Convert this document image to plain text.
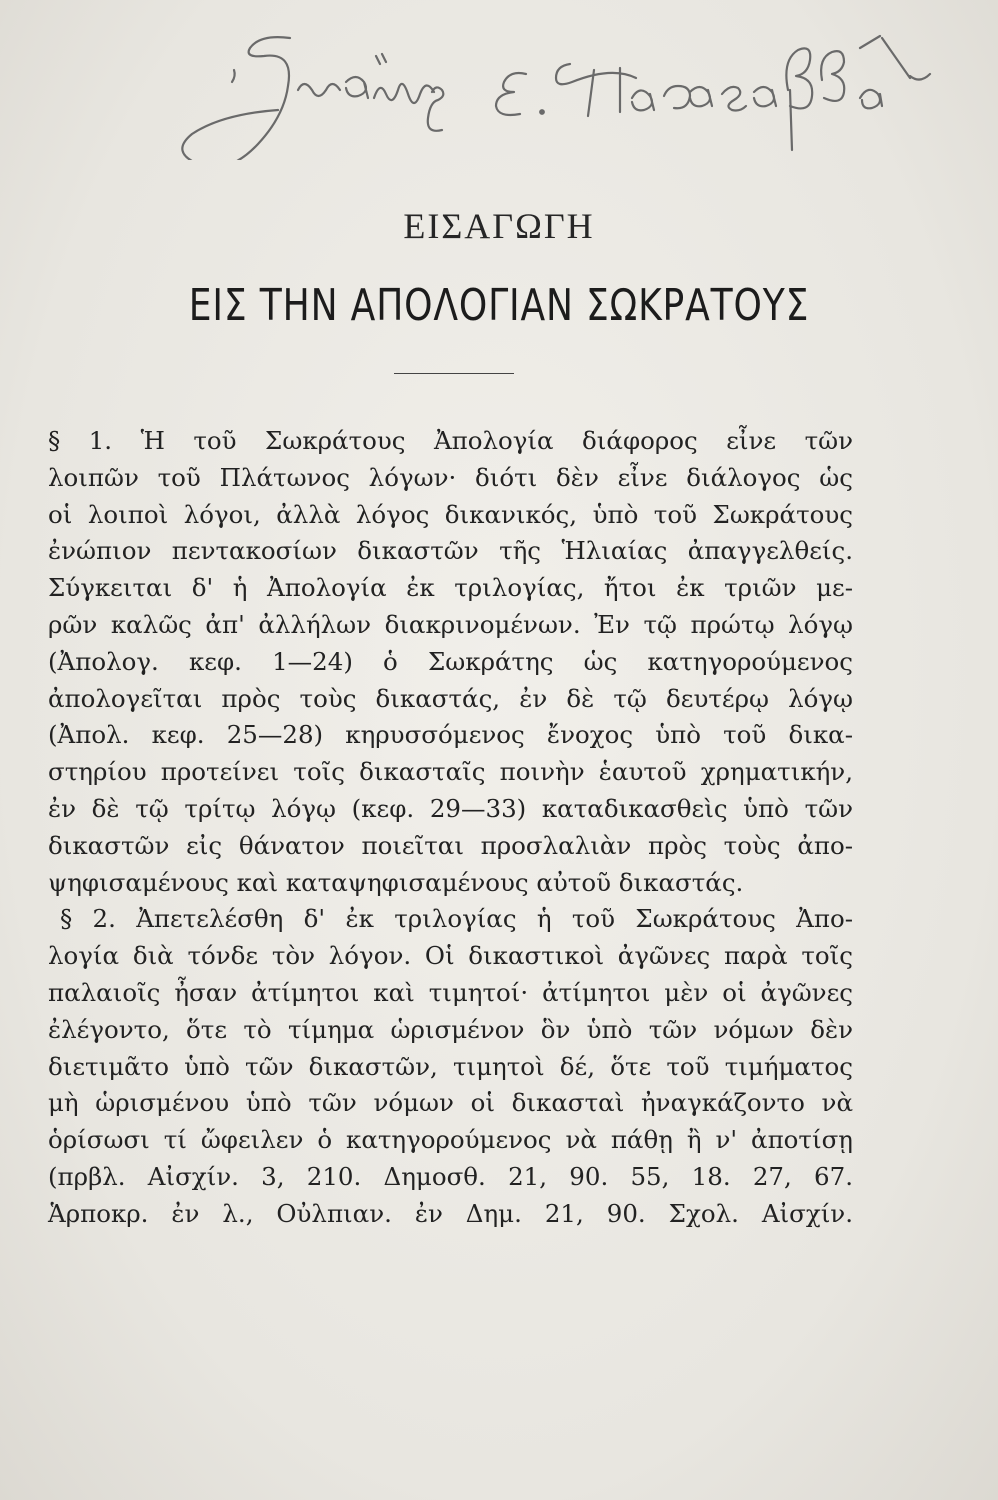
ΕΙΣΑΓΩΓΗ
ΕΙΣ ΤΗΝ ΑΠΟΛΟΓΙΑΝ ΣΩΚΡΑΤΟΥΣ
§ 1. Ἡ τοῦ Σωκράτους Ἀπολογία διάφορος εἶνε τῶν
λοιπῶν τοῦ Πλάτωνος λόγων· διότι δὲν εἶνε διάλογος ὡς
οἱ λοιποὶ λόγοι, ἀλλὰ λόγος δικανικός, ὑπὸ τοῦ Σωκράτους
ἐνώπιον πεντακοσίων δικαστῶν τῆς Ἡλιαίας ἀπαγγελθείς.
Σύγκειται δ' ἡ Ἀπολογία ἐκ τριλογίας, ἤτοι ἐκ τριῶν με-
ρῶν καλῶς ἀπ' ἀλλήλων διακρινομένων. Ἐν τῷ πρώτῳ λόγῳ
(Ἀπολογ. κεφ. 1—24) ὁ Σωκράτης ὡς κατηγορούμενος
ἀπολογεῖται πρὸς τοὺς δικαστάς, ἐν δὲ τῷ δευτέρῳ λόγῳ
(Ἀπολ. κεφ. 25—28) κηρυσσόμενος ἔνοχος ὑπὸ τοῦ δικα-
στηρίου προτείνει τοῖς δικασταῖς ποινὴν ἑαυτοῦ χρηματικήν,
ἐν δὲ τῷ τρίτῳ λόγῳ (κεφ. 29—33) καταδικασθεὶς ὑπὸ τῶν
δικαστῶν εἰς θάνατον ποιεῖται προσλαλιὰν πρὸς τοὺς ἀπο-
ψηφισαμένους καὶ καταψηφισαμένους αὐτοῦ δικαστάς.
§ 2. Ἀπετελέσθη δ' ἐκ τριλογίας ἡ τοῦ Σωκράτους Ἀπο-
λογία διὰ τόνδε τὸν λόγον. Οἱ δικαστικοὶ ἀγῶνες παρὰ τοῖς
παλαιοῖς ἦσαν ἀτίμητοι καὶ τιμητοί· ἀτίμητοι μὲν οἱ ἀγῶνες
ἐλέγοντο, ὅτε τὸ τίμημα ὡρισμένον ὃν ὑπὸ τῶν νόμων δὲν
διετιμᾶτο ὑπὸ τῶν δικαστῶν, τιμητοὶ δέ, ὅτε τοῦ τιμήματος
μὴ ὡρισμένου ὑπὸ τῶν νόμων οἱ δικασταὶ ἠναγκάζοντο νὰ
ὁρίσωσι τί ὤφειλεν ὁ κατηγορούμενος νὰ πάθῃ ἢ ν' ἀποτίσῃ
(πρβλ. Αἰσχίν. 3, 210. Δημοσθ. 21, 90. 55, 18. 27, 67.
Ἁρποκρ. ἐν λ., Οὐλπιαν. ἐν Δημ. 21, 90. Σχολ. Αἰσχίν.
